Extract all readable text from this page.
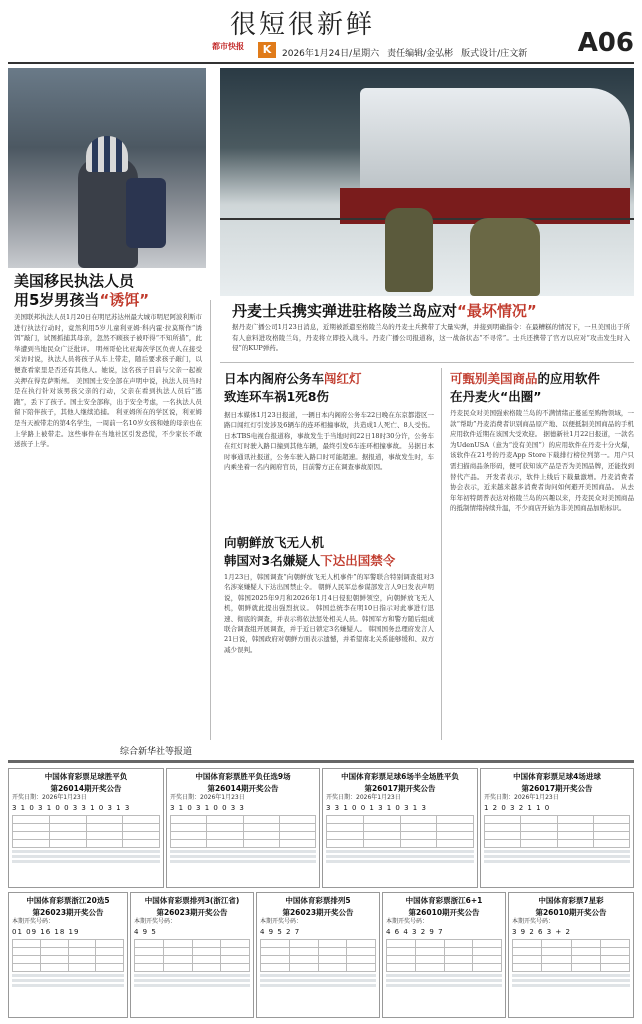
很短很新鲜
都市快报	K	2026年1月24日/星期六 责任编辑/金弘彬 版式设计/庄文新 A06
美国移民执法人员
用5岁男孩当“诱饵”
美国联邦执法人员1月20日在明尼苏达州最大城市明尼阿波利斯市进行执法行动时，竟然利用5岁儿童利亚姆·科内霍·拉莫斯作“诱饵”敲门，试图抓捕其母亲，忽然不顾孩子被吓得“不知所措”，此举遭到当地民众广泛批评。 明州哥伦比亚海茨学区负责人在接受采访时说，执法人员将孩子从车上带走，随后要求孩子敲门，以便查看家里是否还有其他人。她说，这名孩子目前与父亲一起被关押在得克萨斯州。 美国国土安全部在声明中说，执法人员当时是在执行针对该男孩父亲的行动，父亲在看到执法人员后“逃跑”，丢下了孩子。国土安全部称，出于安全考虑，一名执法人员留下陪伴孩子，其他人继续追捕。 利亚姆所在的学区说，利亚姆是当天被带走的第4名学生，一周前一名10岁女孩和她的母亲也在上学路上被带走。这些事件在当地社区引发恐慌，不少家长不敢送孩子上学。
综合新华社等报道
丹麦士兵携实弹进驻格陵兰岛应对“最坏情况”
据丹麦广播公司1月23日消息，近期被派遣至格陵兰岛的丹麦士兵携带了大量实弹，并接到明确指令：在最糟糕的情况下，一旦美国出于所有人意料进攻格陵兰岛，丹麦将立即投入战斗。丹麦广播公司报道称，这一战备状态“不寻常”。士兵还携带了官方以应对“攻击发生时入侵”的KUP弹药。
日本内阁府公务车闯红灯
致连环车祸1死8伤
据日本媒体1月23日报道，一辆日本内阁府公务车22日晚在东京都港区一路口闯红灯引发涉及6辆车的连环相撞事故，共造成1人死亡、8人受伤。 日本TBS电视台报道称，事故发生于当地时间22日18时30分许，公务车在红灯时驶入路口撞到其他车辆，最终引发6车连环相撞事故。 另据日本时事通讯社报道，公务车驶入路口时可能超速。据报道，事故发生时，车内乘坐着一名内阁府官员，目前警方正在调查事故原因。
向朝鲜放飞无人机
韩国对3名嫌疑人下达出国禁令
1月23日，韩国调查“向朝鲜放飞无人机事件”的军警联合特别调查组对3名涉案嫌疑人下达出国禁止令。 朝鲜人民军总参谋部发言人9日发表声明说，韩国2025年9月和2026年1月4日侵犯朝鲜领空，向朝鲜放飞无人机，朝鲜就此提出强烈抗议。 韩国总统李在明10日指示对此事进行迅速、彻底的调查，并表示将依法惩处相关人员。韩国军方和警方随后组成联合调查组开展调查，并于近日锁定3名嫌疑人。 韩国国务总理府发言人21日说，韩国政府对朝鲜方面表示遗憾，并希望南北关系能够缓和、双方减少误判。
可甄别美国商品的应用软件
在丹麦火“出圈”
丹麦民众对美国强索格陵兰岛的不满情绪正蔓延至购物领域，一款“帮助”丹麦消费者识别商品原产地、以便抵制美国商品的手机应用软件近期在该国大受欢迎。 据德新社1月22日报道，一款名为UdenUSA（意为“没有美国”）的应用软件在丹麦十分火爆，该软件在21号的丹麦App Store下载排行榜位列第一。用户只需扫描商品条形码，便可获知该产品是否为美国品牌，还能找到替代产品。 开发者表示，软件上线后下载量激增。丹麦消费者协会表示，近来越来越多消费者询问如何避开美国商品。 从去年年初特朗普表达对格陵兰岛的兴趣以来，丹麦民众对美国商品的抵制情绪持续升温，不少商店开始为非美国商品加贴标识。
中国体育彩票足球胜平负
第26014期开奖公告
开奖日期：2026年1月23日
3 1 0 3 1 0 0 3 3 1 0 3 1 3

中国体育彩票胜平负任选9场
第26014期开奖公告
开奖日期：2026年1月23日
3 1 0 3 1 0 0 3 3

中国体育彩票足球6场半全场胜平负
第26017期开奖公告
开奖日期：2026年1月23日
3 3 1 0 0 1 3 1 0 3 1 3

中国体育彩票足球4场进球
第26017期开奖公告
开奖日期：2026年1月23日
1 2 0 3 2 1 1 0

中国体育彩票浙江20选5
第26023期开奖公告
本期开奖号码：
01 09 16 18 19

中国体育彩票排列3(浙江省)
第26023期开奖公告
本期开奖号码：
4 9 5

中国体育彩票排列5
第26023期开奖公告
本期开奖号码：
4 9 5 2 7

中国体育彩票浙江6+1
第26010期开奖公告
本期开奖号码：
4 6 4 3 2 9 7

中国体育彩票7星彩
第26010期开奖公告
本期开奖号码：
3 9 2 6 3 + 2
